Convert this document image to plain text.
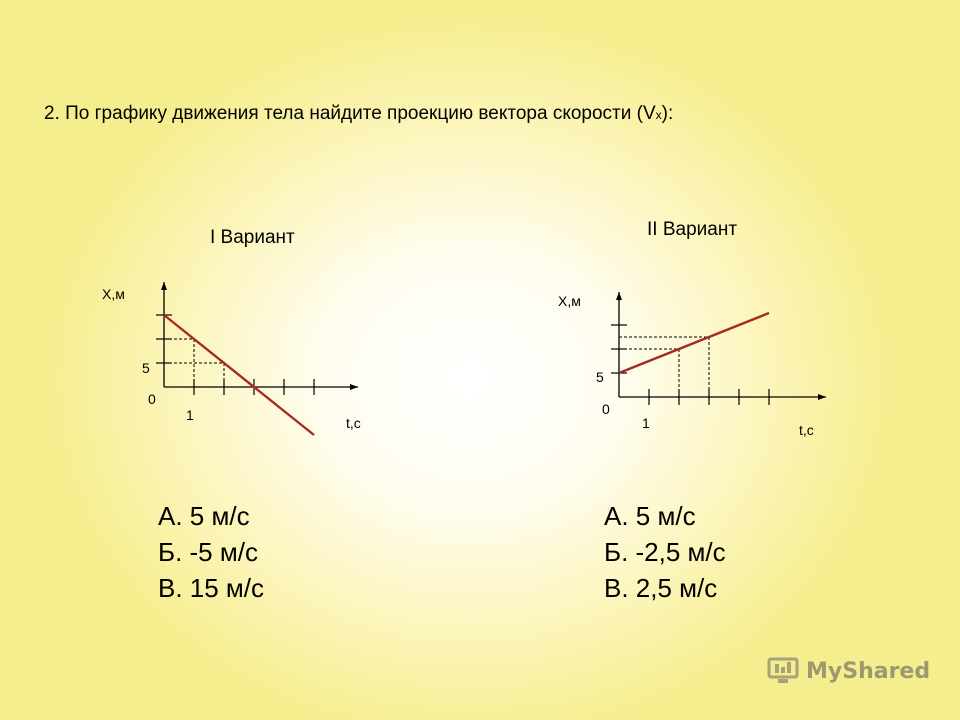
2. По графику движения тела найдите проекцию вектора скорости (Vx):
I Вариант	II Вариант
X,м
t,c
0
1
5
X,м
t,c
0
1
5
А. 5 м/с
Б. -5 м/с
В. 15 м/с
А. 5 м/с
Б. -2,5 м/с
В. 2,5 м/с
MyShared
